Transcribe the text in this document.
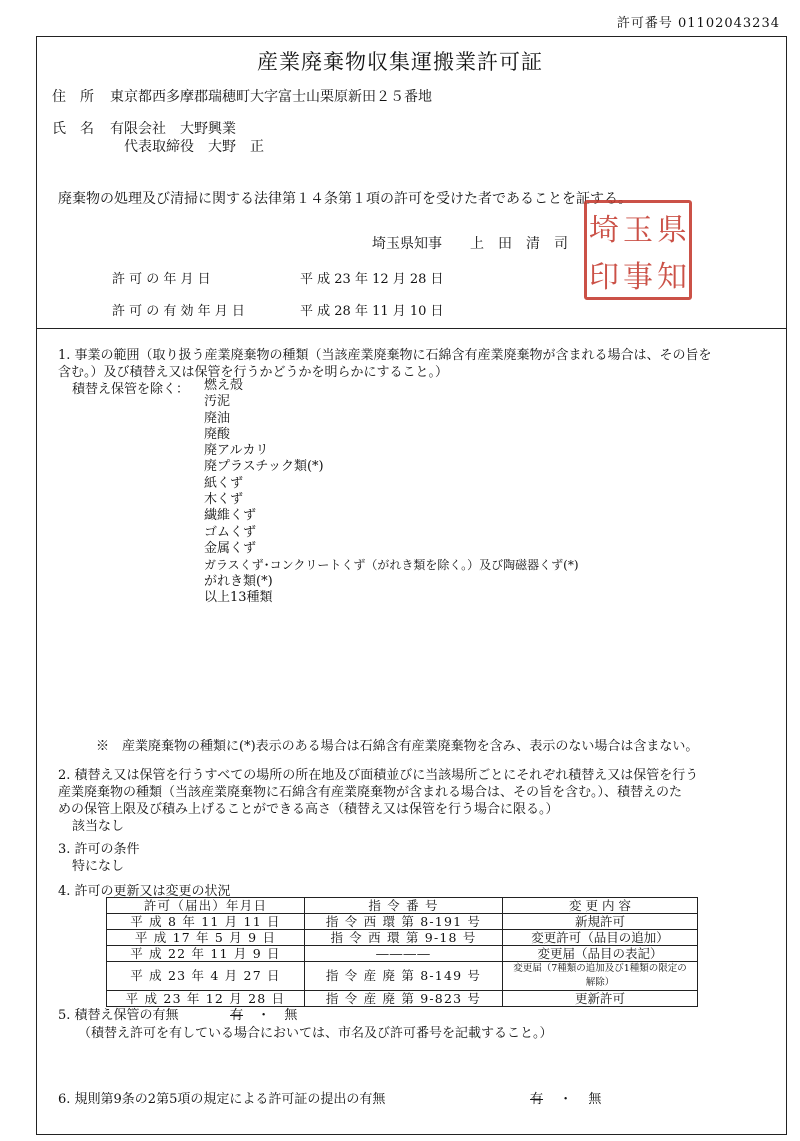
許可番号 01102043234
産業廃棄物収集運搬業許可証
住　所 東京都西多摩郡瑞穂町大字富士山栗原新田２５番地
氏　名 有限会社　大野興業
代表取締役　大野　正
廃棄物の処理及び清掃に関する法律第１４条第１項の許可を受けた者であることを証する。
埼玉県知事　　上　田　清　司 埼 玉 県
印 事 知
許 可 の 年 月 日	平 成 23 年 12 月 28 日
許 可 の 有 効 年 月 日	平 成 28 年 11 月 10 日
1. 事業の範囲（取り扱う産業廃棄物の種類（当該産業廃棄物に石綿含有産業廃棄物が含まれる場合は、その旨を
含む。）及び積替え又は保管を行うかどうかを明らかにすること。）
積替え保管を除く： 燃え殻
汚泥
廃油
廃酸
廃アルカリ
廃プラスチック類(*)
紙くず
木くず
繊維くず
ゴムくず
金属くず
ガラスくず･コンクリートくず（がれき類を除く。）及び陶磁器くず(*)
がれき類(*)
以上13種類
※　産業廃棄物の種類に(*)表示のある場合は石綿含有産業廃棄物を含み、表示のない場合は含まない。
2. 積替え又は保管を行うすべての場所の所在地及び面積並びに当該場所ごとにそれぞれ積替え又は保管を行う
産業廃棄物の種類（当該産業廃棄物に石綿含有産業廃棄物が含まれる場合は、その旨を含む。）、積替えのた
めの保管上限及び積み上げることができる高さ（積替え又は保管を行う場合に限る。）
該当なし
3. 許可の条件
特になし
4. 許可の更新又は変更の状況
許可（届出）年月日	指 令 番 号	変 更 内 容
平 成 8 年 11 月 11 日	指 令 西 環 第 8-191 号	新規許可
平 成 17 年 5 月 9 日	指 令 西 環 第 9-18 号	変更許可（品目の追加）
平 成 22 年 11 月 9 日	――――	変更届（品目の表記）
平 成 23 年 4 月 27 日	指 令 産 廃 第 8-149 号	変更届（7種類の追加及び1種類の限定の解除）
平 成 23 年 12 月 28 日	指 令 産 廃 第 9-823 号	更新許可
5. 積替え保管の有無	有 ・ 無
（積替え許可を有している場合においては、市名及び許可番号を記載すること。）
6. 規則第9条の2第5項の規定による許可証の提出の有無	有 ・ 無
